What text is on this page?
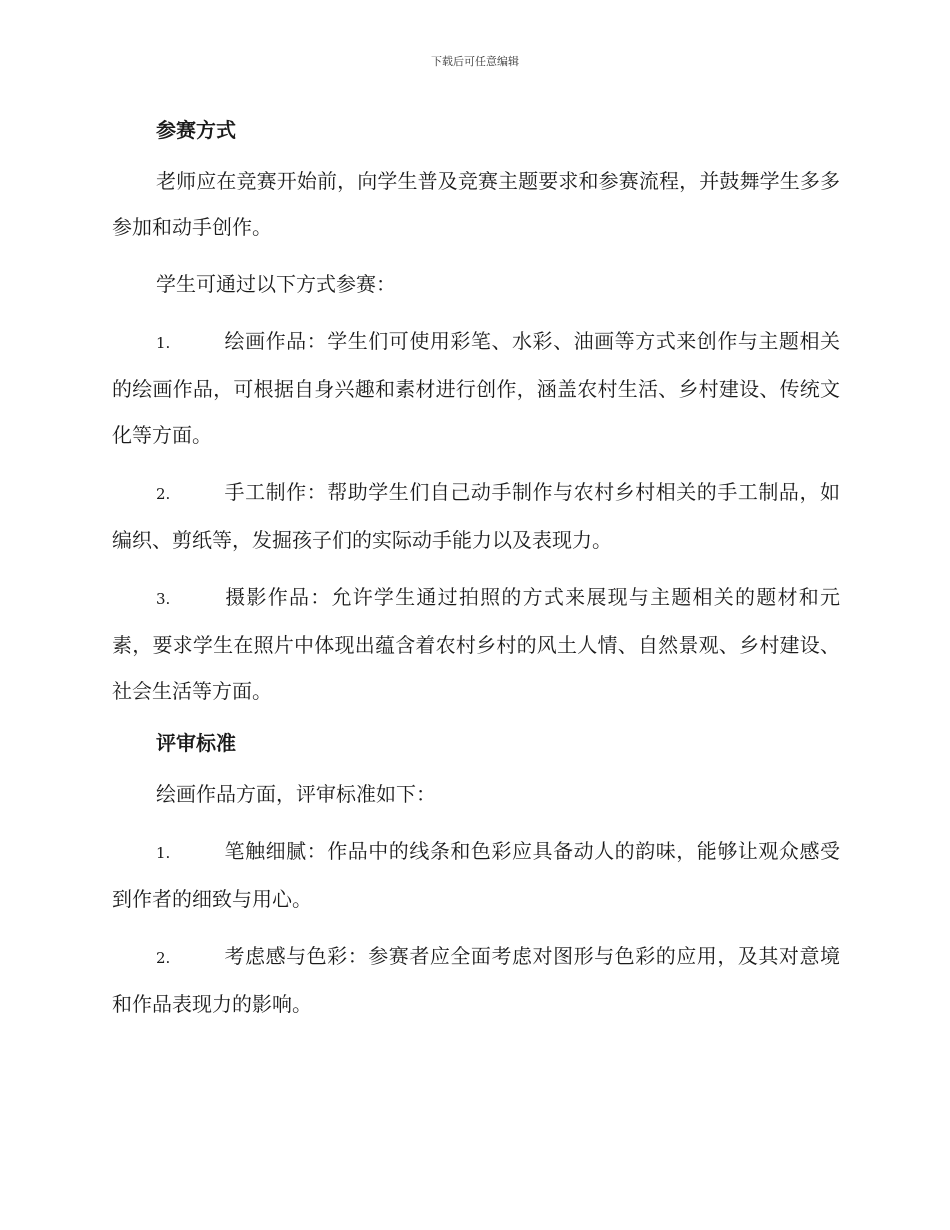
下载后可任意编辑
参赛方式

老师应在竞赛开始前，向学生普及竞赛主题要求和参赛流程，并鼓舞学生多多参加和动手创作。

学生可通过以下方式参赛：

1.	绘画作品：学生们可使用彩笔、水彩、油画等方式来创作与主题相关的绘画作品，可根据自身兴趣和素材进行创作，涵盖农村生活、乡村建设、传统文化等方面。

2.	手工制作：帮助学生们自己动手制作与农村乡村相关的手工制品，如编织、剪纸等，发掘孩子们的实际动手能力以及表现力。

3.	摄影作品：允许学生通过拍照的方式来展现与主题相关的题材和元素，要求学生在照片中体现出蕴含着农村乡村的风土人情、自然景观、乡村建设、社会生活等方面。

评审标准

绘画作品方面，评审标准如下：

1.	笔触细腻：作品中的线条和色彩应具备动人的韵味，能够让观众感受到作者的细致与用心。

2.	考虑感与色彩：参赛者应全面考虑对图形与色彩的应用，及其对意境和作品表现力的影响。
